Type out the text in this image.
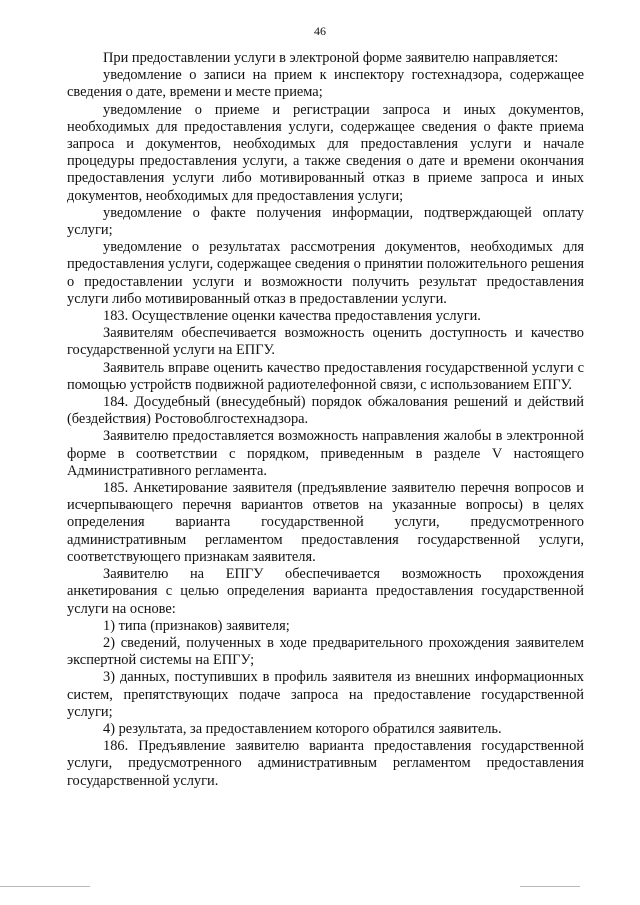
46

При предоставлении услуги в электроной форме заявителю направляется:

уведомление о записи на прием к инспектору гостехнадзора, содержащее сведения о дате, времени и месте приема;

уведомление о приеме и регистрации запроса и иных документов, необходимых для предоставления услуги, содержащее сведения о факте приема запроса и документов, необходимых для предоставления услуги и начале процедуры предоставления услуги, а также сведения о дате и времени окончания предоставления услуги либо мотивированный отказ в приеме запроса и иных документов, необходимых для предоставления услуги;

уведомление о факте получения информации, подтверждающей оплату услуги;

уведомление о результатах рассмотрения документов, необходимых для предоставления услуги, содержащее сведения о принятии положительного решения о предоставлении услуги и возможности получить результат предоставления услуги либо мотивированный отказ в предоставлении услуги.

183. Осуществление оценки качества предоставления услуги.

Заявителям обеспечивается возможность оценить доступность и качество государственной услуги на ЕПГУ.

Заявитель вправе оценить качество предоставления государственной услуги с помощью устройств подвижной радиотелефонной связи, с использованием ЕПГУ.

184. Досудебный (внесудебный) порядок обжалования решений и действий (бездействия) Ростовоблгостехнадзора.

Заявителю предоставляется возможность направления жалобы в электронной форме в соответствии с порядком, приведенным в разделе V настоящего Административного регламента.

185. Анкетирование заявителя (предъявление заявителю перечня вопросов и исчерпывающего перечня вариантов ответов на указанные вопросы) в целях определения варианта государственной услуги, предусмотренного административным регламентом предоставления государственной услуги, соответствующего признакам заявителя.

Заявителю на ЕПГУ обеспечивается возможность прохождения анкетирования с целью определения варианта предоставления государственной услуги на основе:

1) типа (признаков) заявителя;

2) сведений, полученных в ходе предварительного прохождения заявителем экспертной системы на ЕПГУ;

3) данных, поступивших в профиль заявителя из внешних информационных систем, препятствующих подаче запроса на предоставление государственной услуги;

4) результата, за предоставлением которого обратился заявитель.

186. Предъявление заявителю варианта предоставления государственной услуги, предусмотренного административным регламентом предоставления государственной услуги.
